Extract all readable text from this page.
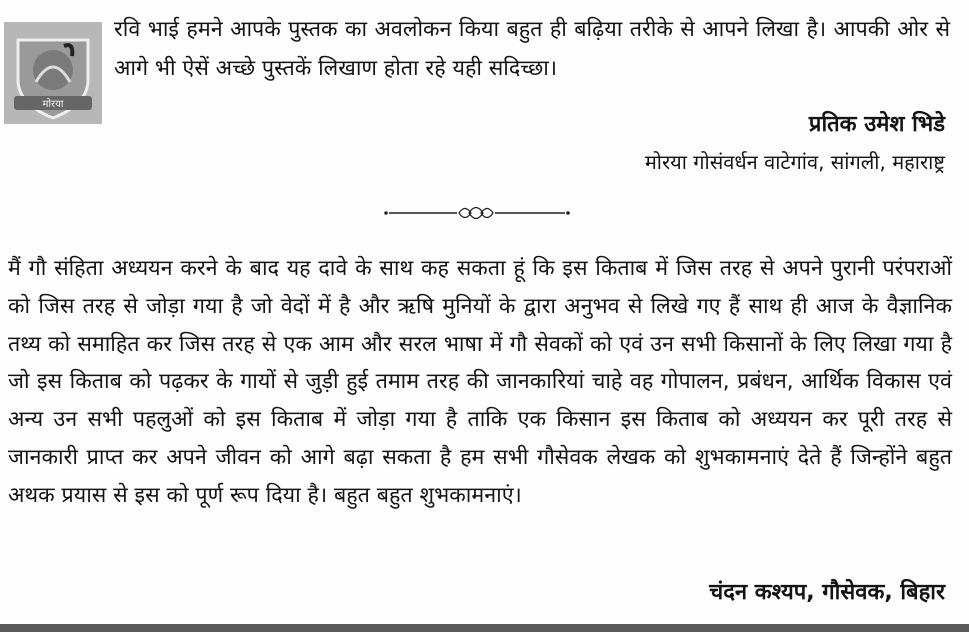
मोरया

रवि भाई हमने आपके पुस्तक का अवलोकन किया बहुत ही बढ़िया तरीके से आपने लिखा है। आपकी ओर से आगे भी ऐसें अच्छे पुस्तकें लिखाण होता रहे यही सदिच्छा।

प्रतिक उमेश भिडे
मोरया गोसंवर्धन वाटेगांव, सांगली, महाराष्ट्र

मैं गौ संहिता अध्ययन करने के बाद यह दावे के साथ कह सकता हूं कि इस किताब में जिस तरह से अपने पुरानी परंपराओं को जिस तरह से जोड़ा गया है जो वेदों में है और ऋषि मुनियों के द्वारा अनुभव से लिखे गए हैं साथ ही आज के वैज्ञानिक तथ्य को समाहित कर जिस तरह से एक आम और सरल भाषा में गौ सेवकों को एवं उन सभी किसानों के लिए लिखा गया है जो इस किताब को पढ़कर के गायों से जुड़ी हुई तमाम तरह की जानकारियां चाहे वह गोपालन, प्रबंधन, आर्थिक विकास एवं अन्य उन सभी पहलुओं को इस किताब में जोड़ा गया है ताकि एक किसान इस किताब को अध्ययन कर पूरी तरह से जानकारी प्राप्त कर अपने जीवन को आगे बढ़ा सकता है हम सभी गौसेवक लेखक को शुभकामनाएं देते हैं जिन्होंने बहुत अथक प्रयास से इस को पूर्ण रूप दिया है। बहुत बहुत शुभकामनाएं।

चंदन कश्यप, गौसेवक, बिहार
